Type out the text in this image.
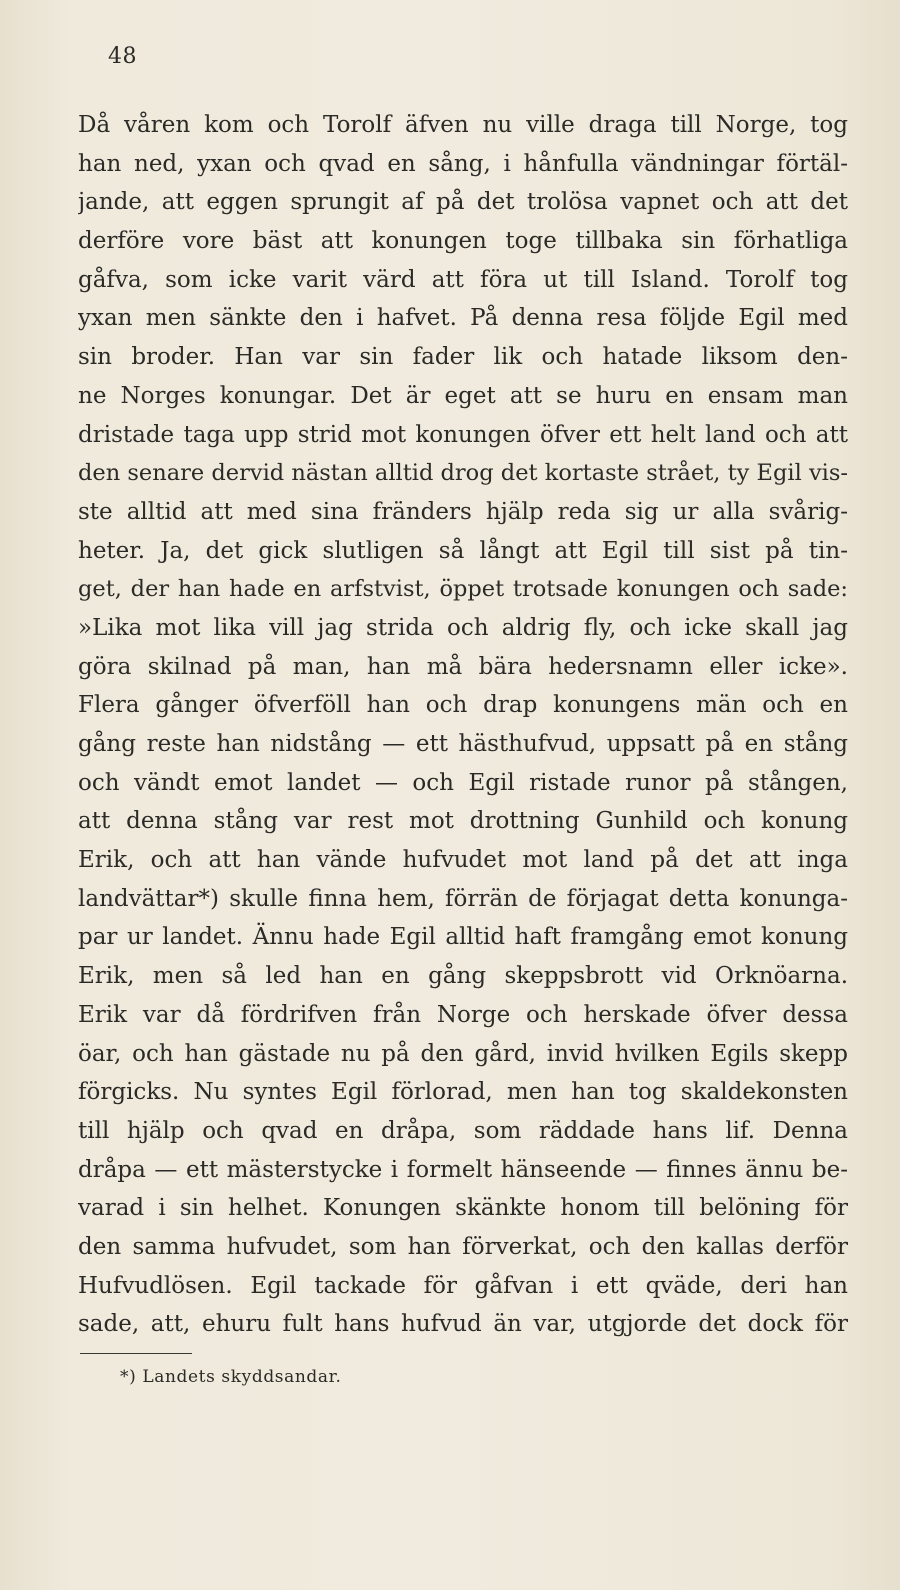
48
Då våren kom och Torolf äfven nu ville draga till Norge, tog
han ned, yxan och qvad en sång, i hånfulla vändningar förtäl-
jande, att eggen sprungit af på det trolösa vapnet och att det
derföre vore bäst att konungen toge tillbaka sin förhatliga
gåfva, som icke varit värd att föra ut till Island. Torolf tog
yxan men sänkte den i hafvet. På denna resa följde Egil med
sin broder. Han var sin fader lik och hatade liksom den-
ne Norges konungar. Det är eget att se huru en ensam man
dristade taga upp strid mot konungen öfver ett helt land och att
den senare dervid nästan alltid drog det kortaste strået, ty Egil vis-
ste alltid att med sina fränders hjälp reda sig ur alla svårig-
heter. Ja, det gick slutligen så långt att Egil till sist på tin-
get, der han hade en arfstvist, öppet trotsade konungen och sade:
»Lika mot lika vill jag strida och aldrig fly, och icke skall jag
göra skilnad på man, han må bära hedersnamn eller icke».
Flera gånger öfverföll han och drap konungens män och en
gång reste han nidstång — ett hästhufvud, uppsatt på en stång
och vändt emot landet — och Egil ristade runor på stången,
att denna stång var rest mot drottning Gunhild och konung
Erik, och att han vände hufvudet mot land på det att inga
landvättar*) skulle finna hem, förrän de förjagat detta konunga-
par ur landet. Ännu hade Egil alltid haft framgång emot konung
Erik, men så led han en gång skeppsbrott vid Orknöarna.
Erik var då fördrifven från Norge och herskade öfver dessa
öar, och han gästade nu på den gård, invid hvilken Egils skepp
förgicks. Nu syntes Egil förlorad, men han tog skaldekonsten
till hjälp och qvad en dråpa, som räddade hans lif. Denna
dråpa — ett mästerstycke i formelt hänseende — finnes ännu be-
varad i sin helhet. Konungen skänkte honom till belöning för
den samma hufvudet, som han förverkat, och den kallas derför
Hufvudlösen. Egil tackade för gåfvan i ett qväde, deri han
sade, att, ehuru fult hans hufvud än var, utgjorde det dock för
*) Landets skyddsandar.
